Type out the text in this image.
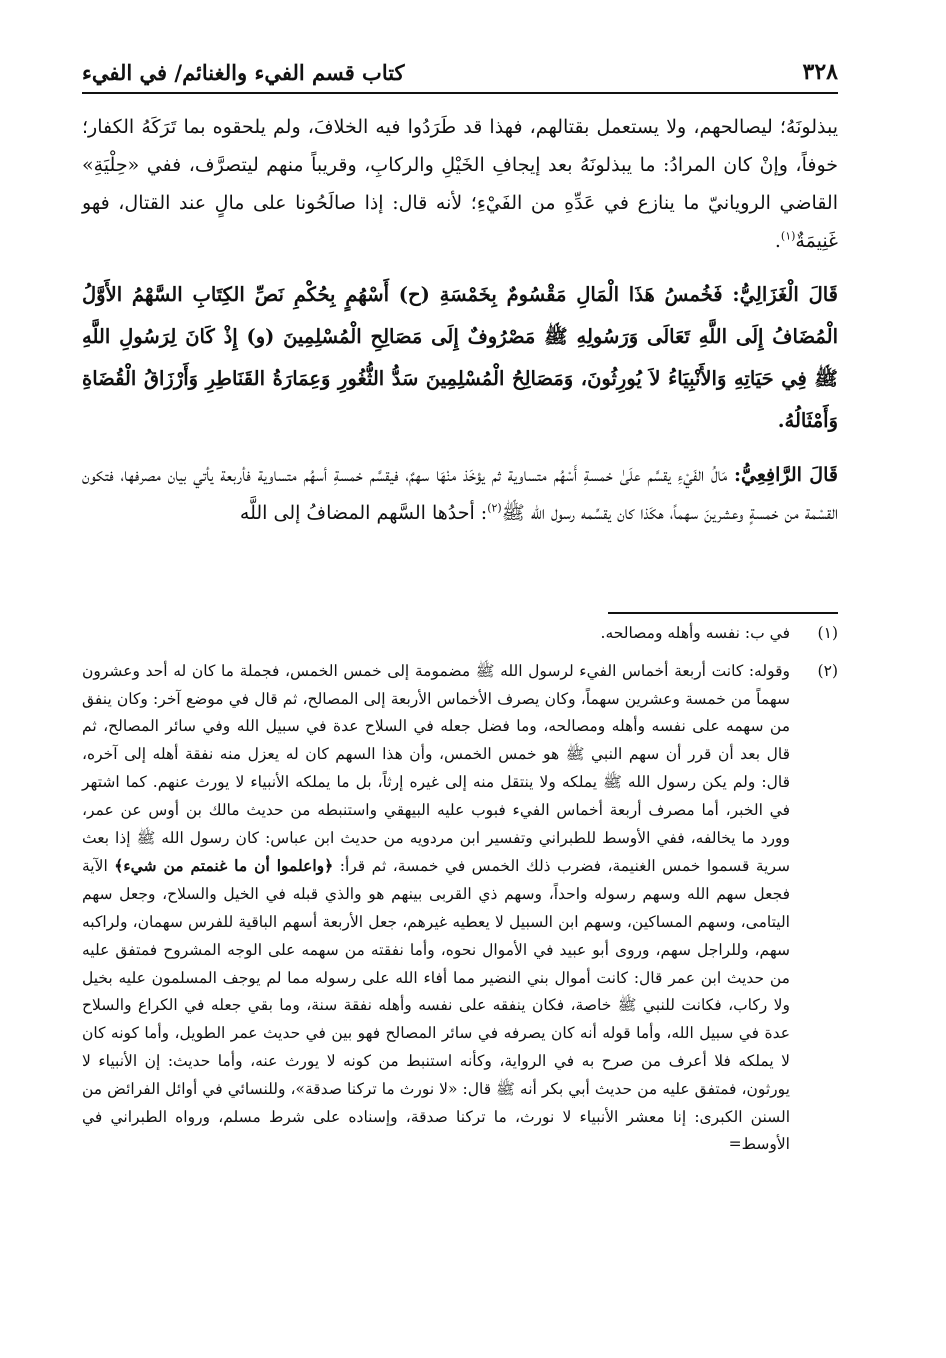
٣٢٨
كتاب قسم الفيء والغنائم/ في الفيء

يبذلونَهُ؛ ليصالحهم، ولا يستعمل بقتالهم، فهذا قد طَرَدُوا فيه الخلافَ، ولم يلحقوه بما تَرَكَهُ الكفار؛ خوفاً، وإنْ كان المرادُ: ما يبذلونَهُ بعد إيجافِ الخَيْلِ والركابِ، وقريباً منهم ليتصرَّف، ففي «حِلْيَةِ» القاضي الرويانيّ ما ينازع في عَدِّهِ من الفَيْءِ؛ لأنه قال: إذا صالَحُونا على مالٍ عند القتال، فهو غَنِيمَةٌ$^{(١)}$.

قَالَ الْغَزَالِيُّ: فَخُمسُ هَذَا الْمَالِ مَقْسُومٌ بِخَمْسَةِ (ح) أَسْهُمٍ بِحُكْمِ نَصِّ الكِتَابِ السَّهْمُ الأَوَّلُ الْمُضَافُ إِلَى اللَّهِ تَعَالَى وَرَسُولِهِ ﷺ مَصْرُوفٌ إِلَى مَصَالِحِ الْمُسْلِمِينَ (و) إِذْ كَانَ لِرَسُولِ اللَّهِ ﷺ فِي حَيَاتِهِ وَالأَنْبِيَاءُ لاَ يُورِثُونَ، وَمَصَالِحُ الْمُسْلِمِينَ سَدُّ الثُّغُورِ وَعِمَارَةُ القَنَاطِرِ وَأَرْزَاقُ الْقُضَاةِ وَأَمْثَالُهُ.

قَالَ الرَّافِعِيُّ: مَالُ الفَيْءِ يقسَّم علَىٰ خمسةِ أَسْهُم متساوية ثم يؤخَذ منْهَا سهمٌ، فيقسَّم خمسةِ أسهُم متساوية فأربعة يأتي بيان مصرفها، فتكون القسْمة من خمسةٍ وعشرينَ سهماً، هكَذا كان يقسِّمه رسول الله ﷺ$^{(٢)}$: أحدُها السَّهم المضافُ إلى اللَّه

(١)
في ب: نفسه وأهله ومصالحه.
(٢)
وقوله: كانت أربعة أخماس الفيء لرسول الله ﷺ مضمومة إلى خمس الخمس، فجملة ما كان له أحد وعشرون سهماً من خمسة وعشرين سهماً، وكان يصرف الأخماس الأربعة إلى المصالح، ثم قال في موضع آخر: وكان ينفق من سهمه على نفسه وأهله ومصالحه، وما فضل جعله في السلاح عدة في سبيل الله وفي سائر المصالح، ثم قال بعد أن قرر أن سهم النبي ﷺ هو خمس الخمس، وأن هذا السهم كان له يعزل منه نفقة أهله إلى آخره، قال: ولم يكن رسول الله ﷺ يملكه ولا ينتقل منه إلى غيره إرثاً، بل ما يملكه الأنبياء لا يورث عنهم. كما اشتهر في الخبر، أما مصرف أربعة أخماس الفيء فبوب عليه البيهقي واستنبطه من حديث مالك بن أوس عن عمر، وورد ما يخالفه، ففي الأوسط للطبراني وتفسير ابن مردويه من حديث ابن عباس: كان رسول الله ﷺ إذا بعث سرية قسموا خمس الغنيمة، فضرب ذلك الخمس في خمسة، ثم قرأ: ﴿واعلموا أن ما غنمتم من شيء﴾ الآية فجعل سهم الله وسهم رسوله واحداً، وسهم ذي القربى بينهم هو والذي قبله في الخيل والسلاح، وجعل سهم اليتامى، وسهم المساكين، وسهم ابن السبيل لا يعطيه غيرهم، جعل الأربعة أسهم الباقية للفرس سهمان، ولراكبه سهم، وللراجل سهم، وروى أبو عبيد في الأموال نحوه، وأما نفقته من سهمه على الوجه المشروح فمتفق عليه من حديث ابن عمر قال: كانت أموال بني النضير مما أفاء الله على رسوله مما لم يوجف المسلمون عليه بخيل ولا ركاب، فكانت للنبي ﷺ خاصة، فكان ينفقه على نفسه وأهله نفقة سنة، وما بقي جعله في الكراع والسلاح عدة في سبيل الله، وأما قوله أنه كان يصرفه في سائر المصالح فهو بين في حديث عمر الطويل، وأما كونه كان لا يملكه فلا أعرف من صرح به في الرواية، وكأنه استنبط من كونه لا يورث عنه، وأما حديث: إن الأنبياء لا يورثون، فمتفق عليه من حديث أبي بكر أنه ﷺ قال: «لا نورث ما تركنا صدقة»، وللنسائي في أوائل الفرائض من السنن الكبرى: إنا معشر الأنبياء لا نورث، ما تركنا صدقة، وإسناده على شرط مسلم، ورواه الطبراني في الأوسط=
